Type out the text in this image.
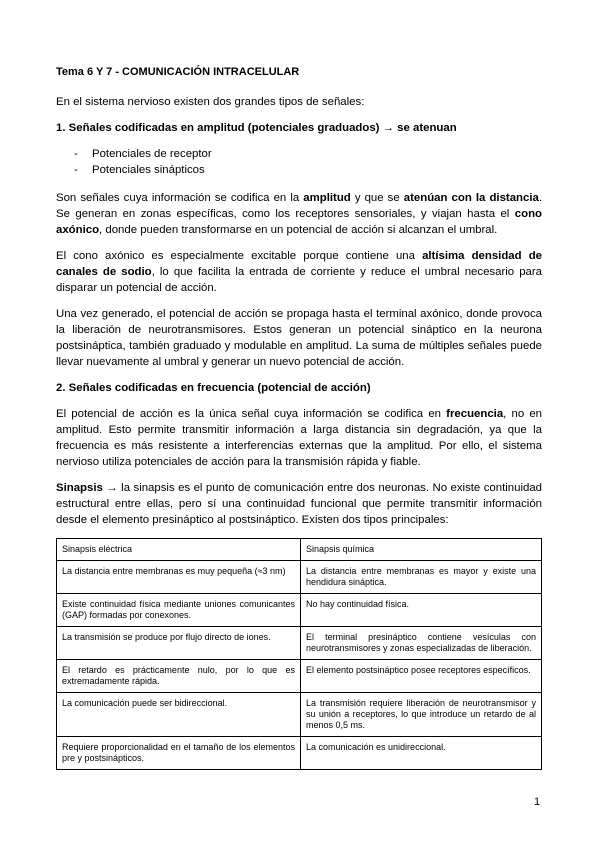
Tema 6 Y 7 - COMUNICACIÓN INTRACELULAR

En el sistema nervioso existen dos grandes tipos de señales:

1. Señales codificadas en amplitud (potenciales graduados) → se atenuan

- Potenciales de receptor
- Potenciales sinápticos

Son señales cuya información se codifica en la amplitud y que se atenúan con la distancia. Se generan en zonas específicas, como los receptores sensoriales, y viajan hasta el cono axónico, donde pueden transformarse en un potencial de acción si alcanzan el umbral.

El cono axónico es especialmente excitable porque contiene una altísima densidad de canales de sodio, lo que facilita la entrada de corriente y reduce el umbral necesario para disparar un potencial de acción.

Una vez generado, el potencial de acción se propaga hasta el terminal axónico, donde provoca la liberación de neurotransmisores. Estos generan un potencial sináptico en la neurona postsináptica, también graduado y modulable en amplitud. La suma de múltiples señales puede llevar nuevamente al umbral y generar un nuevo potencial de acción.

2. Señales codificadas en frecuencia (potencial de acción)

El potencial de acción es la única señal cuya información se codifica en frecuencia, no en amplitud. Esto permite transmitir información a larga distancia sin degradación, ya que la frecuencia es más resistente a interferencias externas que la amplitud. Por ello, el sistema nervioso utiliza potenciales de acción para la transmisión rápida y fiable.

Sinapsis → la sinapsis es el punto de comunicación entre dos neuronas. No existe continuidad estructural entre ellas, pero sí una continuidad funcional que permite transmitir información desde el elemento presináptico al postsináptico. Existen dos tipos principales:

Sinapsis eléctrica	Sinapsis química
La distancia entre membranas es muy pequeña (≈3 nm)	La distancia entre membranas es mayor y existe una hendidura sináptica.
Existe continuidad física mediante uniones comunicantes (GAP) formadas por conexones.	No hay continuidad física.
La transmisión se produce por flujo directo de iones.	El terminal presináptico contiene vesículas con neurotransmisores y zonas especializadas de liberación.
El retardo es prácticamente nulo, por lo que es extremadamente rápida.	El elemento postsináptico posee receptores específicos.
La comunicación puede ser bidireccional.	La transmisión requiere liberación de neurotransmisor y su unión a receptores, lo que introduce un retardo de al menos 0,5 ms.
Requiere proporcionalidad en el tamaño de los elementos pre y postsinápticos.	La comunicación es unidireccional.
1
